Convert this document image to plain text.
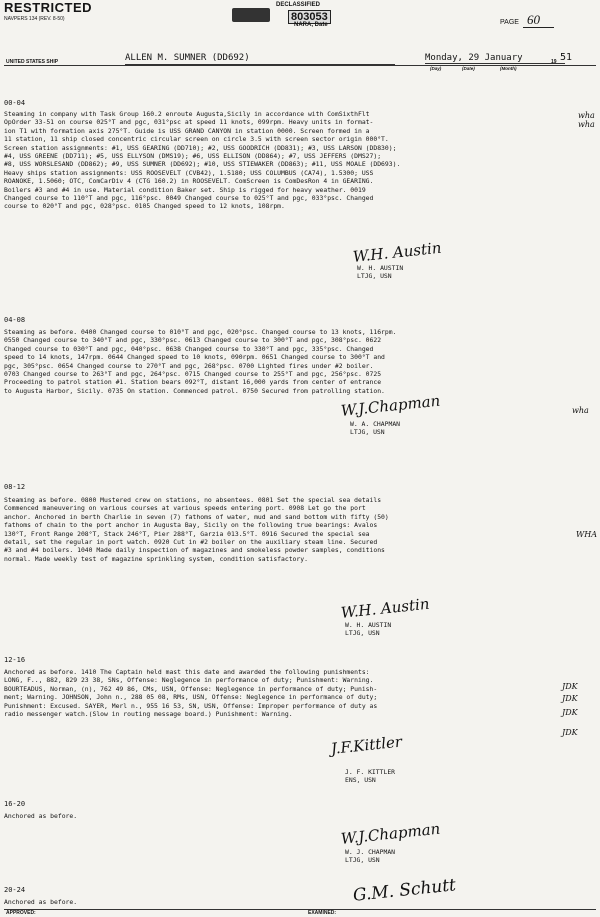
RESTRICTED
NAVPERS 134 (REV. 8-50)
DECLASSIFIED
803053
NARA, Date	PAGE 60
UNITED STATES SHIP	ALLEN M. SUMNER (DD692)	Monday, 29 January	19 51
(Day)	(Date)	(Month)
00-04
Steaming in company with Task Group 160.2 enroute Augusta,Sicily in accordance with ComSixthFlt
OpOrder 33-51 on course 025°T and pgc, 031°psc at speed 11 knots, 099rpm. Heavy units in format-
ion T1 with formation axis 275°T. Guide is USS GRAND CANYON in station 0000. Screen formed in a
11 station, 11 ship closed concentric circular screen on circle 3.5 with screen sector origin 000°T.
Screen station assignments: #1, USS GEARING (DD710); #2, USS GOODRICH (DD831); #3, USS LARSON (DD830);
#4, USS GREENE (DD711); #5, USS ELLYSON (DMS19); #6, USS ELLISON (DD864); #7, USS JEFFERS (DMS27);
#8, USS WORSLESAND (DD862); #9, USS SUMNER (DD692); #10, USS STIEWAKER (DD863); #11, USS MOALE (DD693).
Heavy ships station assignments: USS ROOSEVELT (CVB42), 1.5180; USS COLUMBUS (CA74), 1.5300; USS
ROANOKE, 1.5060; OTC, ComCarDiv 4 (CTG 160.2) in ROOSEVELT. ComScreen is ComDesRon 4 in GEARING.
Boilers #3 and #4 in use. Material condition Baker set. Ship is rigged for heavy weather. 0019
Changed course to 110°T and pgc, 116°psc. 0049 Changed course to 025°T and pgc, 033°psc. Changed
course to 020°T and pgc, 028°psc. 0105 Changed speed to 12 knots, 108rpm.
W.H. Austin
W. H. AUSTIN
LTJG, USN
04-08
Steaming as before. 0400 Changed course to 010°T and pgc, 020°psc. Changed course to 13 knots, 116rpm.
0550 Changed course to 340°T and pgc, 330°psc. 0613 Changed course to 300°T and pgc, 308°psc. 0622
Changed course to 030°T and pgc, 040°psc. 0638 Changed course to 330°T and pgc, 335°psc. Changed
speed to 14 knots, 147rpm. 0644 Changed speed to 10 knots, 090rpm. 0651 Changed course to 300°T and
pgc, 305°psc. 0654 Changed course to 270°T and pgc, 268°psc. 0700 Lighted fires under #2 boiler.
0703 Changed course to 263°T and pgc, 264°psc. 0715 Changed course to 255°T and pgc, 256°psc. 0725
Proceeding to patrol station #1. Station bears 092°T, distant 16,000 yards from center of entrance
to Augusta Harbor, Sicily. 0735 On station. Commenced patrol. 0750 Secured from patrolling station.
W.J.Chapman
W. A. CHAPMAN
LTJG, USN
08-12
Steaming as before. 0800 Mustered crew on stations, no absentees. 0801 Set the special sea details
Commenced maneuvering on various courses at various speeds entering port. 0908 Let go the port
anchor. Anchored in berth Charlie in seven (7) fathoms of water, mud and sand bottom with fifty (50)
fathoms of chain to the port anchor in Augusta Bay, Sicily on the following true bearings: Avalos
130°T, Front Range 208°T, Stack 246°T, Pier 288°T, Garzia 013.5°T. 0916 Secured the special sea
detail, set the regular in port watch. 0920 Cut in #2 boiler on the auxiliary steam line. Secured
#3 and #4 boilers. 1040 Made daily inspection of magazines and smokeless powder samples, conditions
normal. Made weekly test of magazine sprinkling system, condition satisfactory.
W.H. Austin
W. H. AUSTIN
LTJG, USN
12-16
Anchored as before. 1410 The Captain held mast this date and awarded the following punishments:
LONG, F.., 882, 829 23 38, SNs, Offense: Neglegence in performance of duty; Punishment: Warning.
BOURTEADUS, Norman, (n), 762 49 86, CMs, USN, Offense: Neglegence in performance of duty; Punish-
ment; Warning. JOHNSON, John n., 288 05 08, RMs, USN, Offense: Neglegence in performance of duty;
Punishment: Excused. SAYER, Merl n., 955 16 53, SN, USN, Offense: Improper performance of duty as
radio messenger watch.(Slow in routing message board.) Punishment: Warning.
J.F.Kittler
J. F. KITTLER
ENS, USN
16-20
Anchored as before.
W.J.Chapman
W. J. CHAPMAN
LTJG, USN
20-24
Anchored as before.	G.M. Schutt
wha
wha
wha
WHA
JDK
JDK
JDK
JDK
APPROVED:	EXAMINED:
